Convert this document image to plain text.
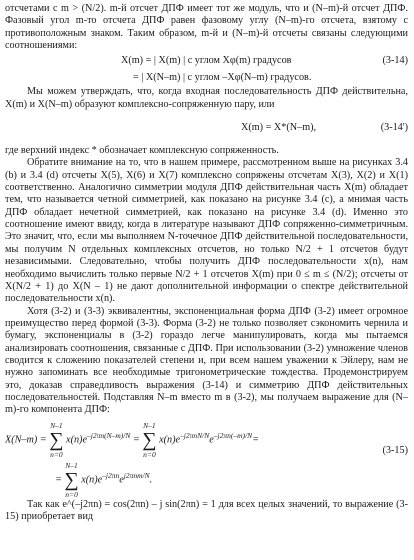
отсчетами с m > (N/2). m-й отсчет ДПФ имеет тот же модуль, что и (N–m)-й отсчет ДПФ. Фазовый угол m-то отсчета ДПФ равен фазовому углу (N–m)-го отсчета, взятому с противоположным знаком. Таким образом, m-й и (N–m)-й отсчеты связаны следующими соотношениями:

X(m) = | X(m) | с углом Xφ(m) градусов	(3-14)
= | X(N–m) | с углом –Xφ(N–m) градусов.

Мы можем утверждать, что, когда входная последовательность ДПФ действительна, X(m) и X(N–m) образуют комплексно-сопряженную пару, или

X(m) = X*(N–m),	(3-14')

где верхний индекс * обозначает комплексную сопряженность.

Обратите внимание на то, что в нашем примере, рассмотренном выше на рисунках 3.4 (b) и 3.4 (d) отсчеты X(5), X(6) и X(7) комплексно сопряжены отсчетам X(3), X(2) и X(1) соответственно. Аналогично симметрии модуля ДПФ действительная часть X(m) обладает тем, что называется четной симметрией, как показано на рисунке 3.4 (c), а мнимая часть ДПФ обладает нечетной симметрией, как показано на рисунке 3.4 (d). Именно это соотношение имеют ввиду, когда в литературе называют ДПФ сопряженно-симметричным. Это значит, что, если мы выполняем N-точечное ДПФ действительной последовательности, мы получим N отдельных комплексных отсчетов, но только N/2 + 1 отсчетов будут независимыми. Следовательно, чтобы получить ДПФ последовательности x(n), нам необходимо вычислить только первые N/2 + 1 отсчетов X(m) при 0 ≤ m ≤ (N/2); отсчеты от X(N/2 + 1) до X(N – 1) не дают дополнительной информации о спектре действительной последовательности x(n).

Хотя (3-2) и (3-3) эквивалентны, экспоненциальная форма ДПФ (3-2) имеет огромное преимущество перед формой (3-3). Форма (3-2) не только позволяет сэкономить чернила и бумагу, экспоненциалы в (3-2) гораздо легче манипулировать, когда мы пытаемся анализировать соотношения, связанные с ДПФ. При использовании (3-2) умножение членов сводится к сложению показателей степени и, при всем нашем уважении к Эйлеру, нам не нужно запоминать все необходимые тригонометрические тождества. Продемонстрируем это, доказав справедливость выражения (3-14) и симметрию ДПФ действительных последовательностей. Подставляя N–m вместо m в (3-2), мы получаем выражение для (N–m)-го компонента ДПФ:

X(N–m) =
N–1
∑
n=0
$x(n)e^{-j2\pi n(N-m)/N}$ =
N–1
∑
n=0
$x(n)e^{-j2\pi nN/N}e^{-j2\pi n(-m)/N}=$
=
N–1
∑
n=0
$x(n)e^{-j2\pi n}e^{j2\pi nm/N}$.
(3-15)

Так как e^(–j2πn) = cos(2πn) – j sin(2πn) = 1 для всех целых значений, то выражение (3-15) приобретает вид
